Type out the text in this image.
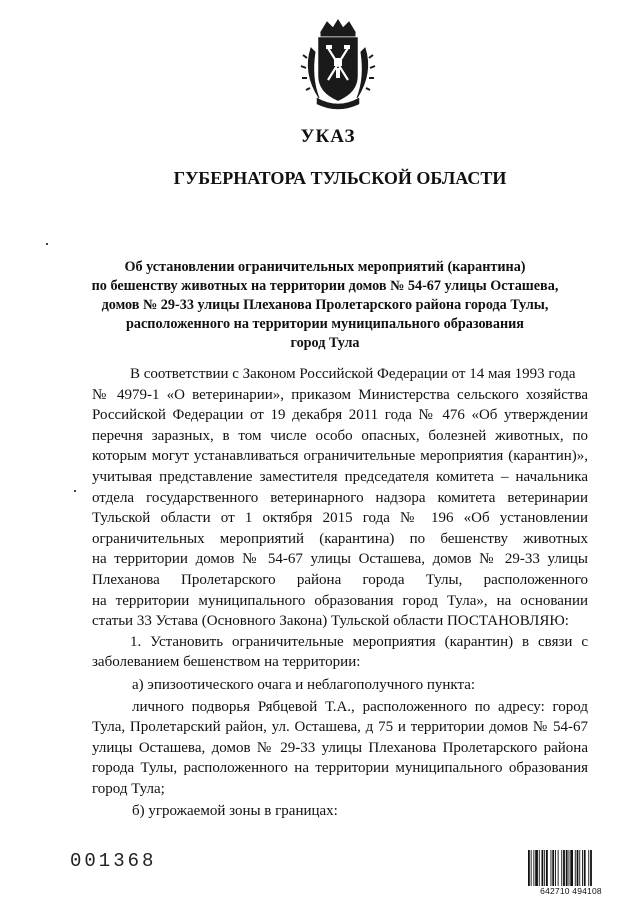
УКАЗ
ГУБЕРНАТОРА ТУЛЬСКОЙ ОБЛАСТИ
Об установлении ограничительных мероприятий (карантина)
по бешенству животных на территории домов № 54-67 улицы Осташева,
домов № 29-33 улицы Плеханова Пролетарского района города Тулы,
расположенного на территории муниципального образования
город Тула
В соответствии с Законом Российской Федерации от 14 мая 1993 года
№ 4979-1 «О ветеринарии», приказом Министерства сельского хозяйства
Российской Федерации от 19 декабря 2011 года № 476 «Об утверждении
перечня заразных, в том числе особо опасных, болезней животных, по
которым могут устанавливаться ограничительные мероприятия (карантин)»,
учитывая представление заместителя председателя комитета – начальника
отдела государственного ветеринарного надзора комитета ветеринарии
Тульской области от 1 октября 2015 года № 196 «Об установлении
ограничительных мероприятий (карантина) по бешенству животных
на территории домов № 54-67 улицы Осташева, домов № 29-33 улицы
Плеханова Пролетарского района города Тулы, расположенного
на территории муниципального образования город Тула», на основании
статьи 33 Устава (Основного Закона) Тульской области ПОСТАНОВЛЯЮ:
1. Установить ограничительные мероприятия (карантин) в связи с
заболеванием бешенством на территории:
а) эпизоотического очага и неблагополучного пункта:
личного подворья Рябцевой Т.А., расположенного по адресу: город
Тула, Пролетарский район, ул. Осташева, д 75 и территории домов № 54-67
улицы Осташева, домов № 29-33 улицы Плеханова Пролетарского района
города Тулы, расположенного на территории муниципального образования
город Тула;
б) угрожаемой зоны в границах:
001368
642710 494108
